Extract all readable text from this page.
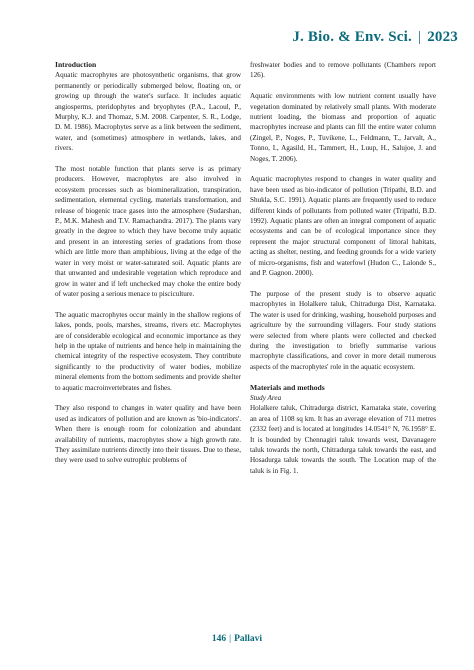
J. Bio. & Env. Sci. | 2023
Introduction

Aquatic macrophytes are photosynthetic organisms, that grow permanently or periodically submerged below, floating on, or growing up through the water's surface. It includes aquatic angiosperms, pteridophytes and bryophytes (P.A., Lacoul, P., Murphy, K.J. and Thomaz, S.M. 2008. Carpenter, S. R., Lodge, D. M. 1986). Macrophytes serve as a link between the sediment, water, and (sometimes) atmosphere in wetlands, lakes, and rivers.

The most notable function that plants serve is as primary producers. However, macrophytes are also involved in ecosystem processes such as biomineralization, transpiration, sedimentation, elemental cycling, materials transformation, and release of biogenic trace gases into the atmosphere (Sudarshan, P., M.K. Mahesh and T.V. Ramachandra. 2017). The plants vary greatly in the degree to which they have become truly aquatic and present in an interesting series of gradations from those which are little more than amphibious, living at the edge of the water in very moist or water-saturated soil. Aquatic plants are that unwanted and undesirable vegetation which reproduce and grow in water and if left unchecked may choke the entire body of water posing a serious menace to pisciculture.

The aquatic macrophytes occur mainly in the shallow regions of lakes, ponds, pools, marshes, streams, rivers etc. Macrophytes are of considerable ecological and economic importance as they help in the uptake of nutrients and hence help in maintaining the chemical integrity of the respective ecosystem. They contribute significantly to the productivity of water bodies, mobilize mineral elements from the bottom sediments and provide shelter to aquatic macroinvertebrates and fishes.

They also respond to changes in water quality and have been used as indicators of pollution and are known as 'bio-indicators'. When there is enough room for colonization and abundant availability of nutrients, macrophytes show a high growth rate. They assimilate nutrients directly into their tissues. Due to these, they were used to solve eutrophic problems of

freshwater bodies and to remove pollutants (Chambers report 126).

Aquatic environments with low nutrient content usually have vegetation dominated by relatively small plants. With moderate nutrient loading, the biomass and proportion of aquatic macrophytes increase and plants can fill the entire water column (Zingel, P., Noges, P., Tuvikene, L., Feldmann, T., Jarvalt, A., Tonno, I., Agasild, H., Tammert, H., Luup, H., Salujoe, J. and Noges, T. 2006).

Aquatic macrophytes respond to changes in water quality and have been used as bio-indicator of pollution (Tripathi, B.D. and Shukla, S.C. 1991). Aquatic plants are frequently used to reduce different kinds of pollutants from polluted water (Tripathi, B.D. 1992). Aquatic plants are often an integral component of aquatic ecosystems and can be of ecological importance since they represent the major structural component of littoral habitats, acting as shelter, nesting, and feeding grounds for a wide variety of micro-organisms, fish and waterfowl (Hudon C., Lalonde S., and P. Gagnon. 2000).

The purpose of the present study is to observe aquatic macrophytes in Holalkere taluk, Chitradurga Dist, Karnataka. The water is used for drinking, washing, household purposes and agriculture by the surrounding villagers. Four study stations were selected from where plants were collected and checked during the investigation to briefly summarise various macrophyte classifications, and cover in more detail numerous aspects of the macrophytes' role in the aquatic ecosystem.

Materials and methods
Study Area

Holalkere taluk, Chitradurga district, Karnataka state, covering an area of 1108 sq km. It has an average elevation of 711 metres (2332 feet) and is located at longitudes 14.0541° N, 76.1958° E. It is bounded by Chennagiri taluk towards west, Davanagere taluk towards the north, Chitradurga taluk towards the east, and Hosadurga taluk towards the south. The Location map of the taluk is in Fig. 1.

146 | Pallavi
